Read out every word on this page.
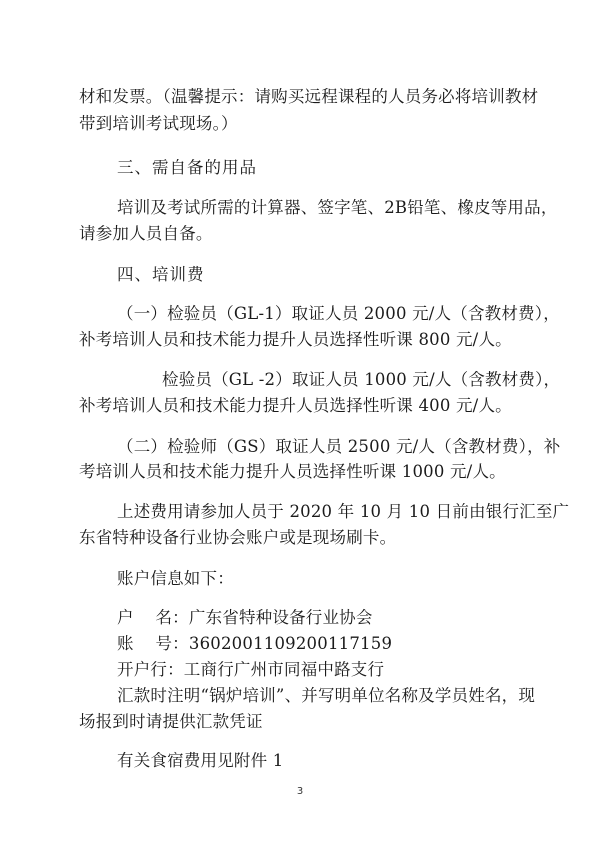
材和发票。（温馨提示：请购买远程课程的人员务必将培训教材
带到培训考试现场。）
三、需自备的用品
培训及考试所需的计算器、签字笔、2B铅笔、橡皮等用品，
请参加人员自备。
四、培训费
（一）检验员（GL-1）取证人员 2000 元/人（含教材费），
补考培训人员和技术能力提升人员选择性听课 800 元/人。
检验员（GL -2）取证人员 1000 元/人（含教材费），
补考培训人员和技术能力提升人员选择性听课 400 元/人。
（二）检验师（GS）取证人员 2500 元/人（含教材费），补
考培训人员和技术能力提升人员选择性听课 1000 元/人。
上述费用请参加人员于 2020 年 10 月 10 日前由银行汇至广
东省特种设备行业协会账户或是现场刷卡。
账户信息如下：
户    名：广东省特种设备行业协会
账    号：3602001109200117159
开户行：工商行广州市同福中路支行
汇款时注明“锅炉培训”、并写明单位名称及学员姓名，现
场报到时请提供汇款凭证
有关食宿费用见附件 1
3
